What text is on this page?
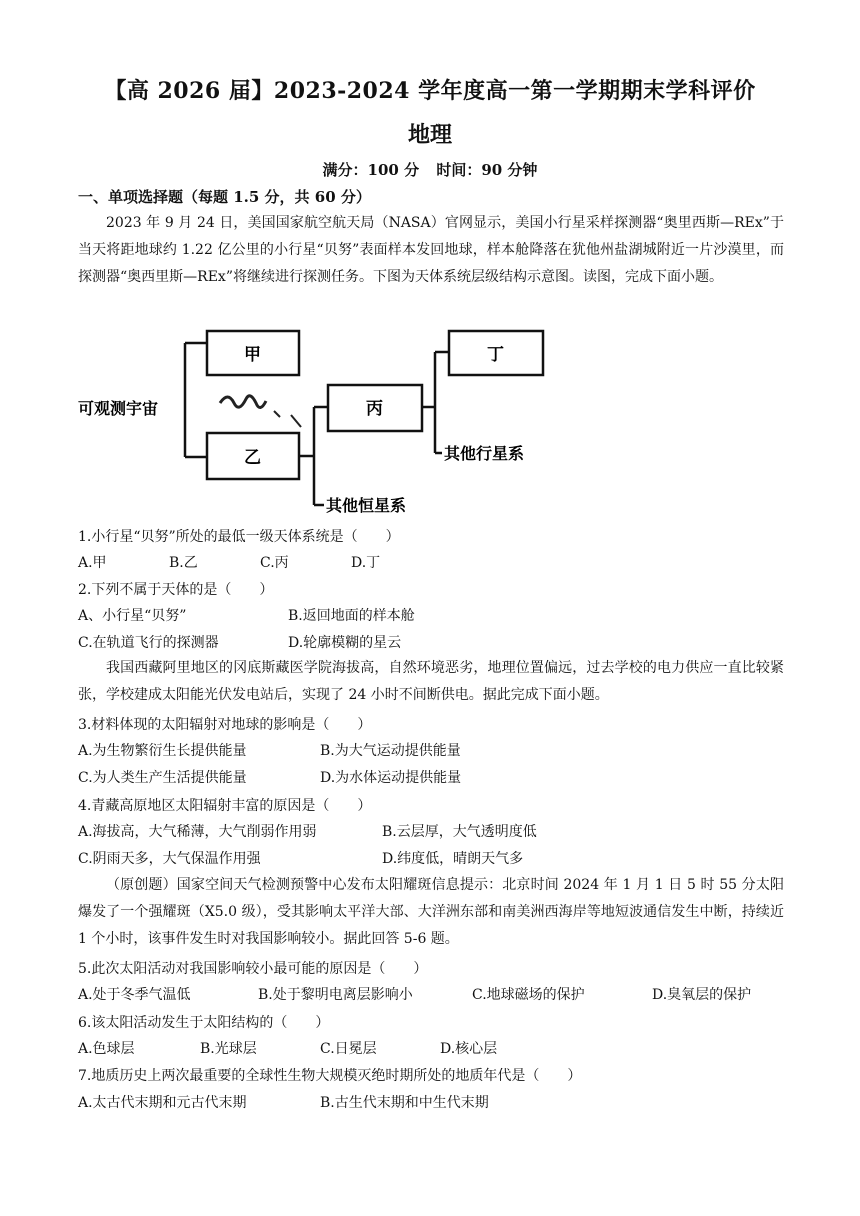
【高 2026 届】2023-2024 学年度高一第一学期期末学科评价
地理
满分：100 分 时间：90 分钟
一、单项选择题（每题 1.5 分，共 60 分）

2023 年 9 月 24 日，美国国家航空航天局（NASA）官网显示，美国小行星采样探测器“奥里西斯—REx”于当天将距地球约 1.22 亿公里的小行星“贝努”表面样本发回地球，样本舱降落在犹他州盐湖城附近一片沙漠里，而探测器“奥西里斯—REx”将继续进行探测任务。下图为天体系统层级结构示意图。读图，完成下面小题。

可观测宇宙
甲
乙
丙
丁
其他恒星系
其他行星系
1.小行星“贝努”所处的最低一级天体系统是（　　）
A.甲	B.乙	C.丙	D.丁
2.下列不属于天体的是（　　）
A、小行星“贝努”	B.返回地面的样本舱
C.在轨道飞行的探测器	D.轮廓模糊的星云

我国西藏阿里地区的冈底斯藏医学院海拔高，自然环境恶劣，地理位置偏远，过去学校的电力供应一直比较紧张，学校建成太阳能光伏发电站后，实现了 24 小时不间断供电。据此完成下面小题。

3.材料体现的太阳辐射对地球的影响是（　　）
A.为生物繁衍生长提供能量	B.为大气运动提供能量
C.为人类生产生活提供能量	D.为水体运动提供能量
4.青藏高原地区太阳辐射丰富的原因是（　　）
A.海拔高，大气稀薄，大气削弱作用弱	B.云层厚，大气透明度低
C.阴雨天多，大气保温作用强	D.纬度低，晴朗天气多

（原创题）国家空间天气检测预警中心发布太阳耀斑信息提示：北京时间 2024 年 1 月 1 日 5 时 55 分太阳爆发了一个强耀斑（X5.0 级），受其影响太平洋大部、大洋洲东部和南美洲西海岸等地短波通信发生中断，持续近 1 个小时，该事件发生时对我国影响较小。据此回答 5-6 题。

5.此次太阳活动对我国影响较小最可能的原因是（　　）
A.处于冬季气温低	B.处于黎明电离层影响小	C.地球磁场的保护	D.臭氧层的保护
6.该太阳活动发生于太阳结构的（　　）
A.色球层	B.光球层	C.日冕层	D.核心层
7.地质历史上两次最重要的全球性生物大规模灭绝时期所处的地质年代是（　　）
A.太古代末期和元古代末期	B.古生代末期和中生代末期
